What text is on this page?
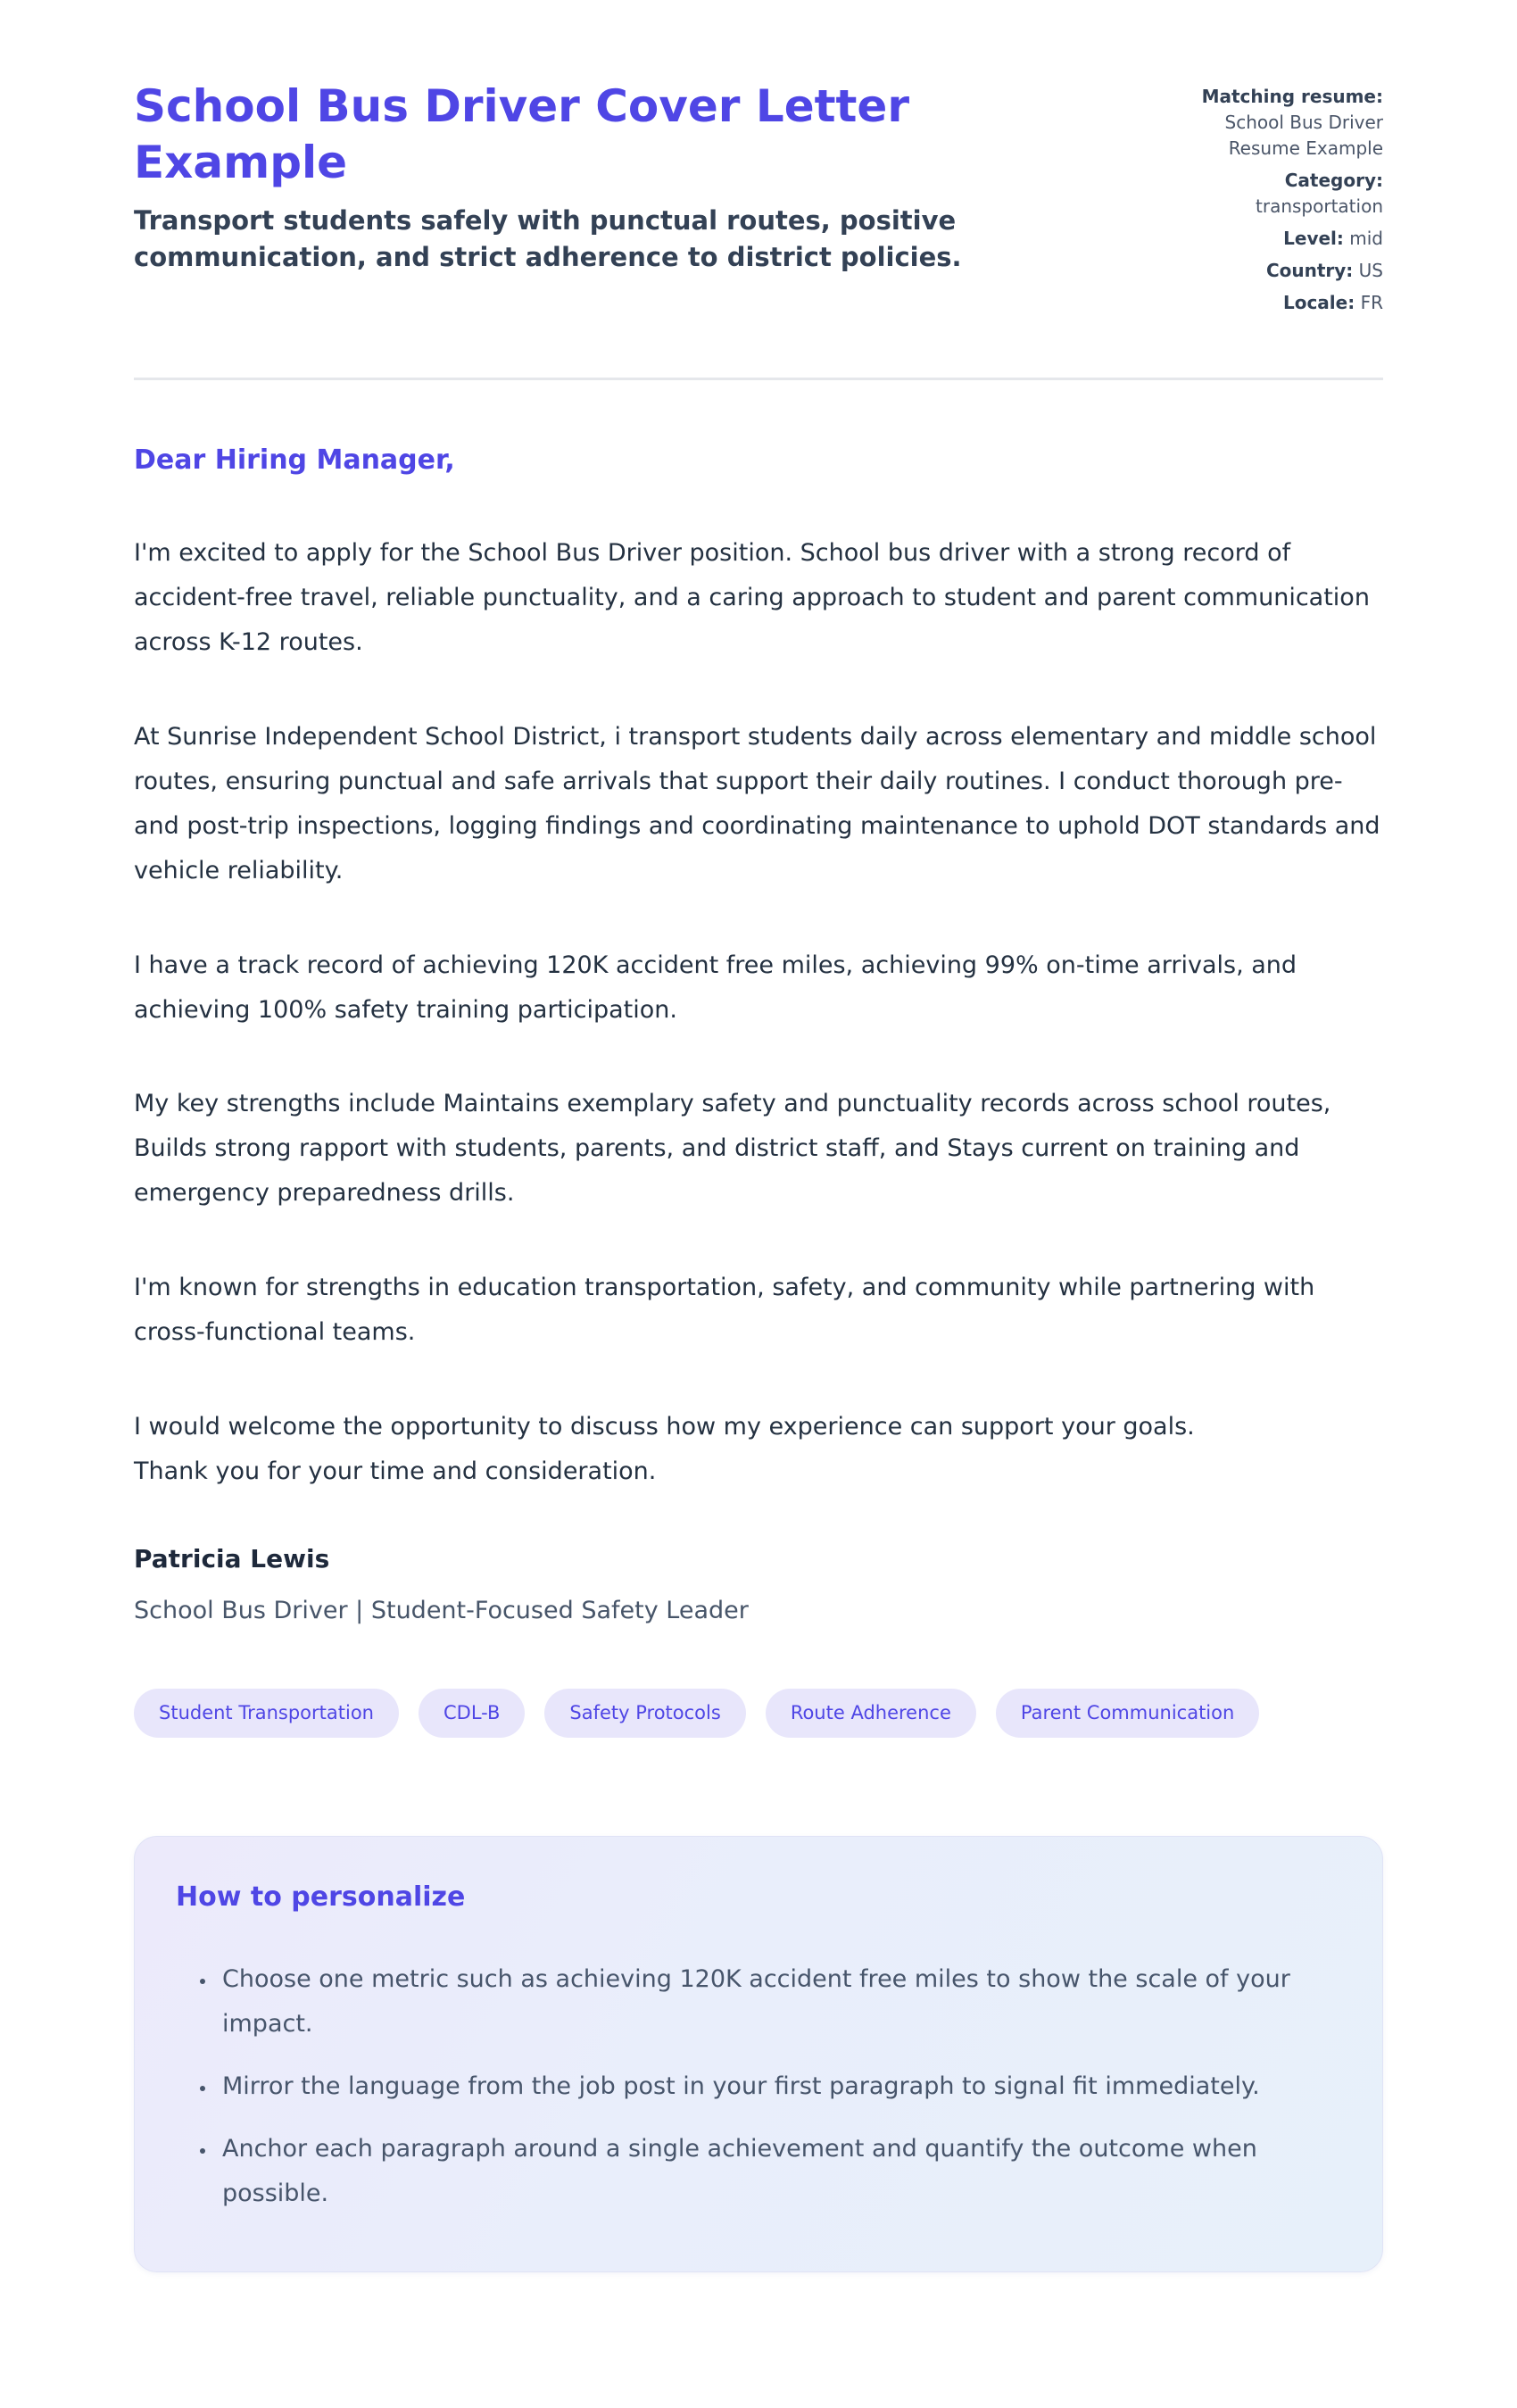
School Bus Driver Cover Letter Example
Transport students safely with punctual routes, positive communication, and strict adherence to district policies.
Matching resume:
School Bus Driver Resume Example
Category:
transportation
Level: mid
Country: US
Locale: FR
Dear Hiring Manager,

I'm excited to apply for the School Bus Driver position. School bus driver with a strong record of accident-free travel, reliable punctuality, and a caring approach to student and parent communication across K-12 routes.

At Sunrise Independent School District, i transport students daily across elementary and middle school routes, ensuring punctual and safe arrivals that support their daily routines. I conduct thorough pre- and post-trip inspections, logging findings and coordinating maintenance to uphold DOT standards and vehicle reliability.

I have a track record of achieving 120K accident free miles, achieving 99% on-time arrivals, and achieving 100% safety training participation.

My key strengths include Maintains exemplary safety and punctuality records across school routes, Builds strong rapport with students, parents, and district staff, and Stays current on training and emergency preparedness drills.

I'm known for strengths in education transportation, safety, and community while partnering with cross-functional teams.

I would welcome the opportunity to discuss how my experience can support your goals.
Thank you for your time and consideration.

Patricia Lewis
School Bus Driver | Student-Focused Safety Leader
Student Transportation	CDL-B	Safety Protocols	Route Adherence	Parent Communication
How to personalize
• Choose one metric such as achieving 120K accident free miles to show the scale of your impact.
• Mirror the language from the job post in your first paragraph to signal fit immediately.
• Anchor each paragraph around a single achievement and quantify the outcome when possible.
